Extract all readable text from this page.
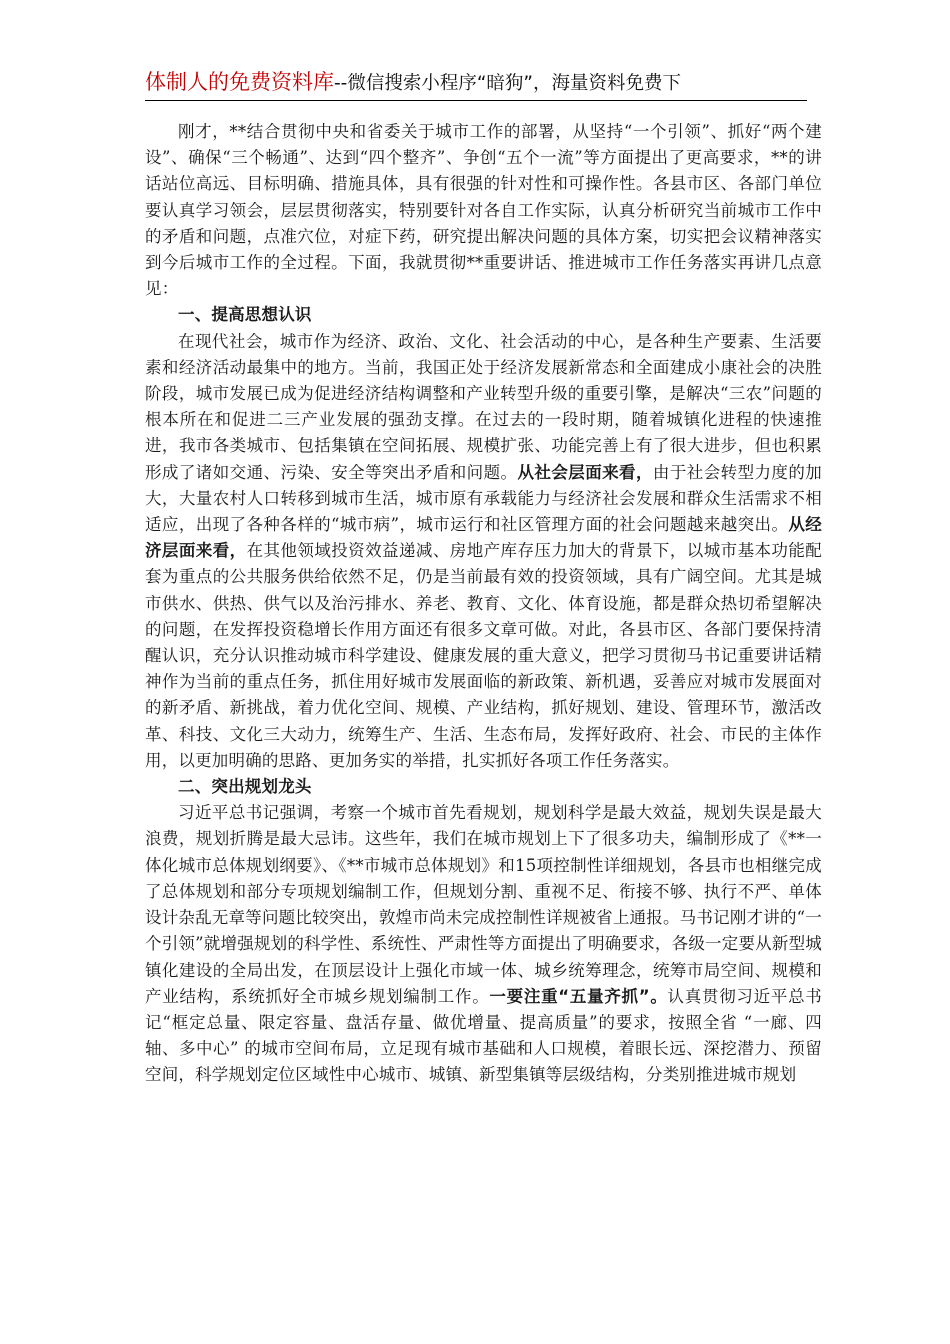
体制人的免费资料库--微信搜索小程序“暗狗”，海量资料免费下

刚才，**结合贯彻中央和省委关于城市工作的部署，从坚持“一个引领”、抓好“两个建设”、确保“三个畅通”、达到“四个整齐”、争创“五个一流”等方面提出了更高要求，**的讲话站位高远、目标明确、措施具体，具有很强的针对性和可操作性。各县市区、各部门单位要认真学习领会，层层贯彻落实，特别要针对各自工作实际，认真分析研究当前城市工作中的矛盾和问题，点准穴位，对症下药，研究提出解决问题的具体方案，切实把会议精神落实到今后城市工作的全过程。下面，我就贯彻**重要讲话、推进城市工作任务落实再讲几点意见：

一、提高思想认识

在现代社会，城市作为经济、政治、文化、社会活动的中心，是各种生产要素、生活要素和经济活动最集中的地方。当前，我国正处于经济发展新常态和全面建成小康社会的决胜阶段，城市发展已成为促进经济结构调整和产业转型升级的重要引擎，是解决“三农”问题的根本所在和促进二三产业发展的强劲支撑。在过去的一段时期，随着城镇化进程的快速推进，我市各类城市、包括集镇在空间拓展、规模扩张、功能完善上有了很大进步，但也积累形成了诸如交通、污染、安全等突出矛盾和问题。从社会层面来看，由于社会转型力度的加大，大量农村人口转移到城市生活，城市原有承载能力与经济社会发展和群众生活需求不相适应，出现了各种各样的“城市病”，城市运行和社区管理方面的社会问题越来越突出。从经济层面来看，在其他领域投资效益递减、房地产库存压力加大的背景下，以城市基本功能配套为重点的公共服务供给依然不足，仍是当前最有效的投资领域，具有广阔空间。尤其是城市供水、供热、供气以及治污排水、养老、教育、文化、体育设施，都是群众热切希望解决的问题，在发挥投资稳增长作用方面还有很多文章可做。对此，各县市区、各部门要保持清醒认识，充分认识推动城市科学建设、健康发展的重大意义，把学习贯彻马书记重要讲话精神作为当前的重点任务，抓住用好城市发展面临的新政策、新机遇，妥善应对城市发展面对的新矛盾、新挑战，着力优化空间、规模、产业结构，抓好规划、建设、管理环节，激活改革、科技、文化三大动力，统筹生产、生活、生态布局，发挥好政府、社会、市民的主体作用，以更加明确的思路、更加务实的举措，扎实抓好各项工作任务落实。

二、突出规划龙头

习近平总书记强调，考察一个城市首先看规划，规划科学是最大效益，规划失误是最大浪费，规划折腾是最大忌讳。这些年，我们在城市规划上下了很多功夫，编制形成了《**一体化城市总体规划纲要》、《**市城市总体规划》和15项控制性详细规划，各县市也相继完成了总体规划和部分专项规划编制工作，但规划分割、重视不足、衔接不够、执行不严、单体设计杂乱无章等问题比较突出，敦煌市尚未完成控制性详规被省上通报。马书记刚才讲的“一个引领”就增强规划的科学性、系统性、严肃性等方面提出了明确要求，各级一定要从新型城镇化建设的全局出发，在顶层设计上强化市域一体、城乡统筹理念，统筹市局空间、规模和产业结构，系统抓好全市城乡规划编制工作。一要注重“五量齐抓”。认真贯彻习近平总书记“框定总量、限定容量、盘活存量、做优增量、提高质量”的要求，按照全省 “一廊、四轴、多中心” 的城市空间布局，立足现有城市基础和人口规模，着眼长远、深挖潜力、预留空间，科学规划定位区域性中心城市、城镇、新型集镇等层级结构，分类别推进城市规划
